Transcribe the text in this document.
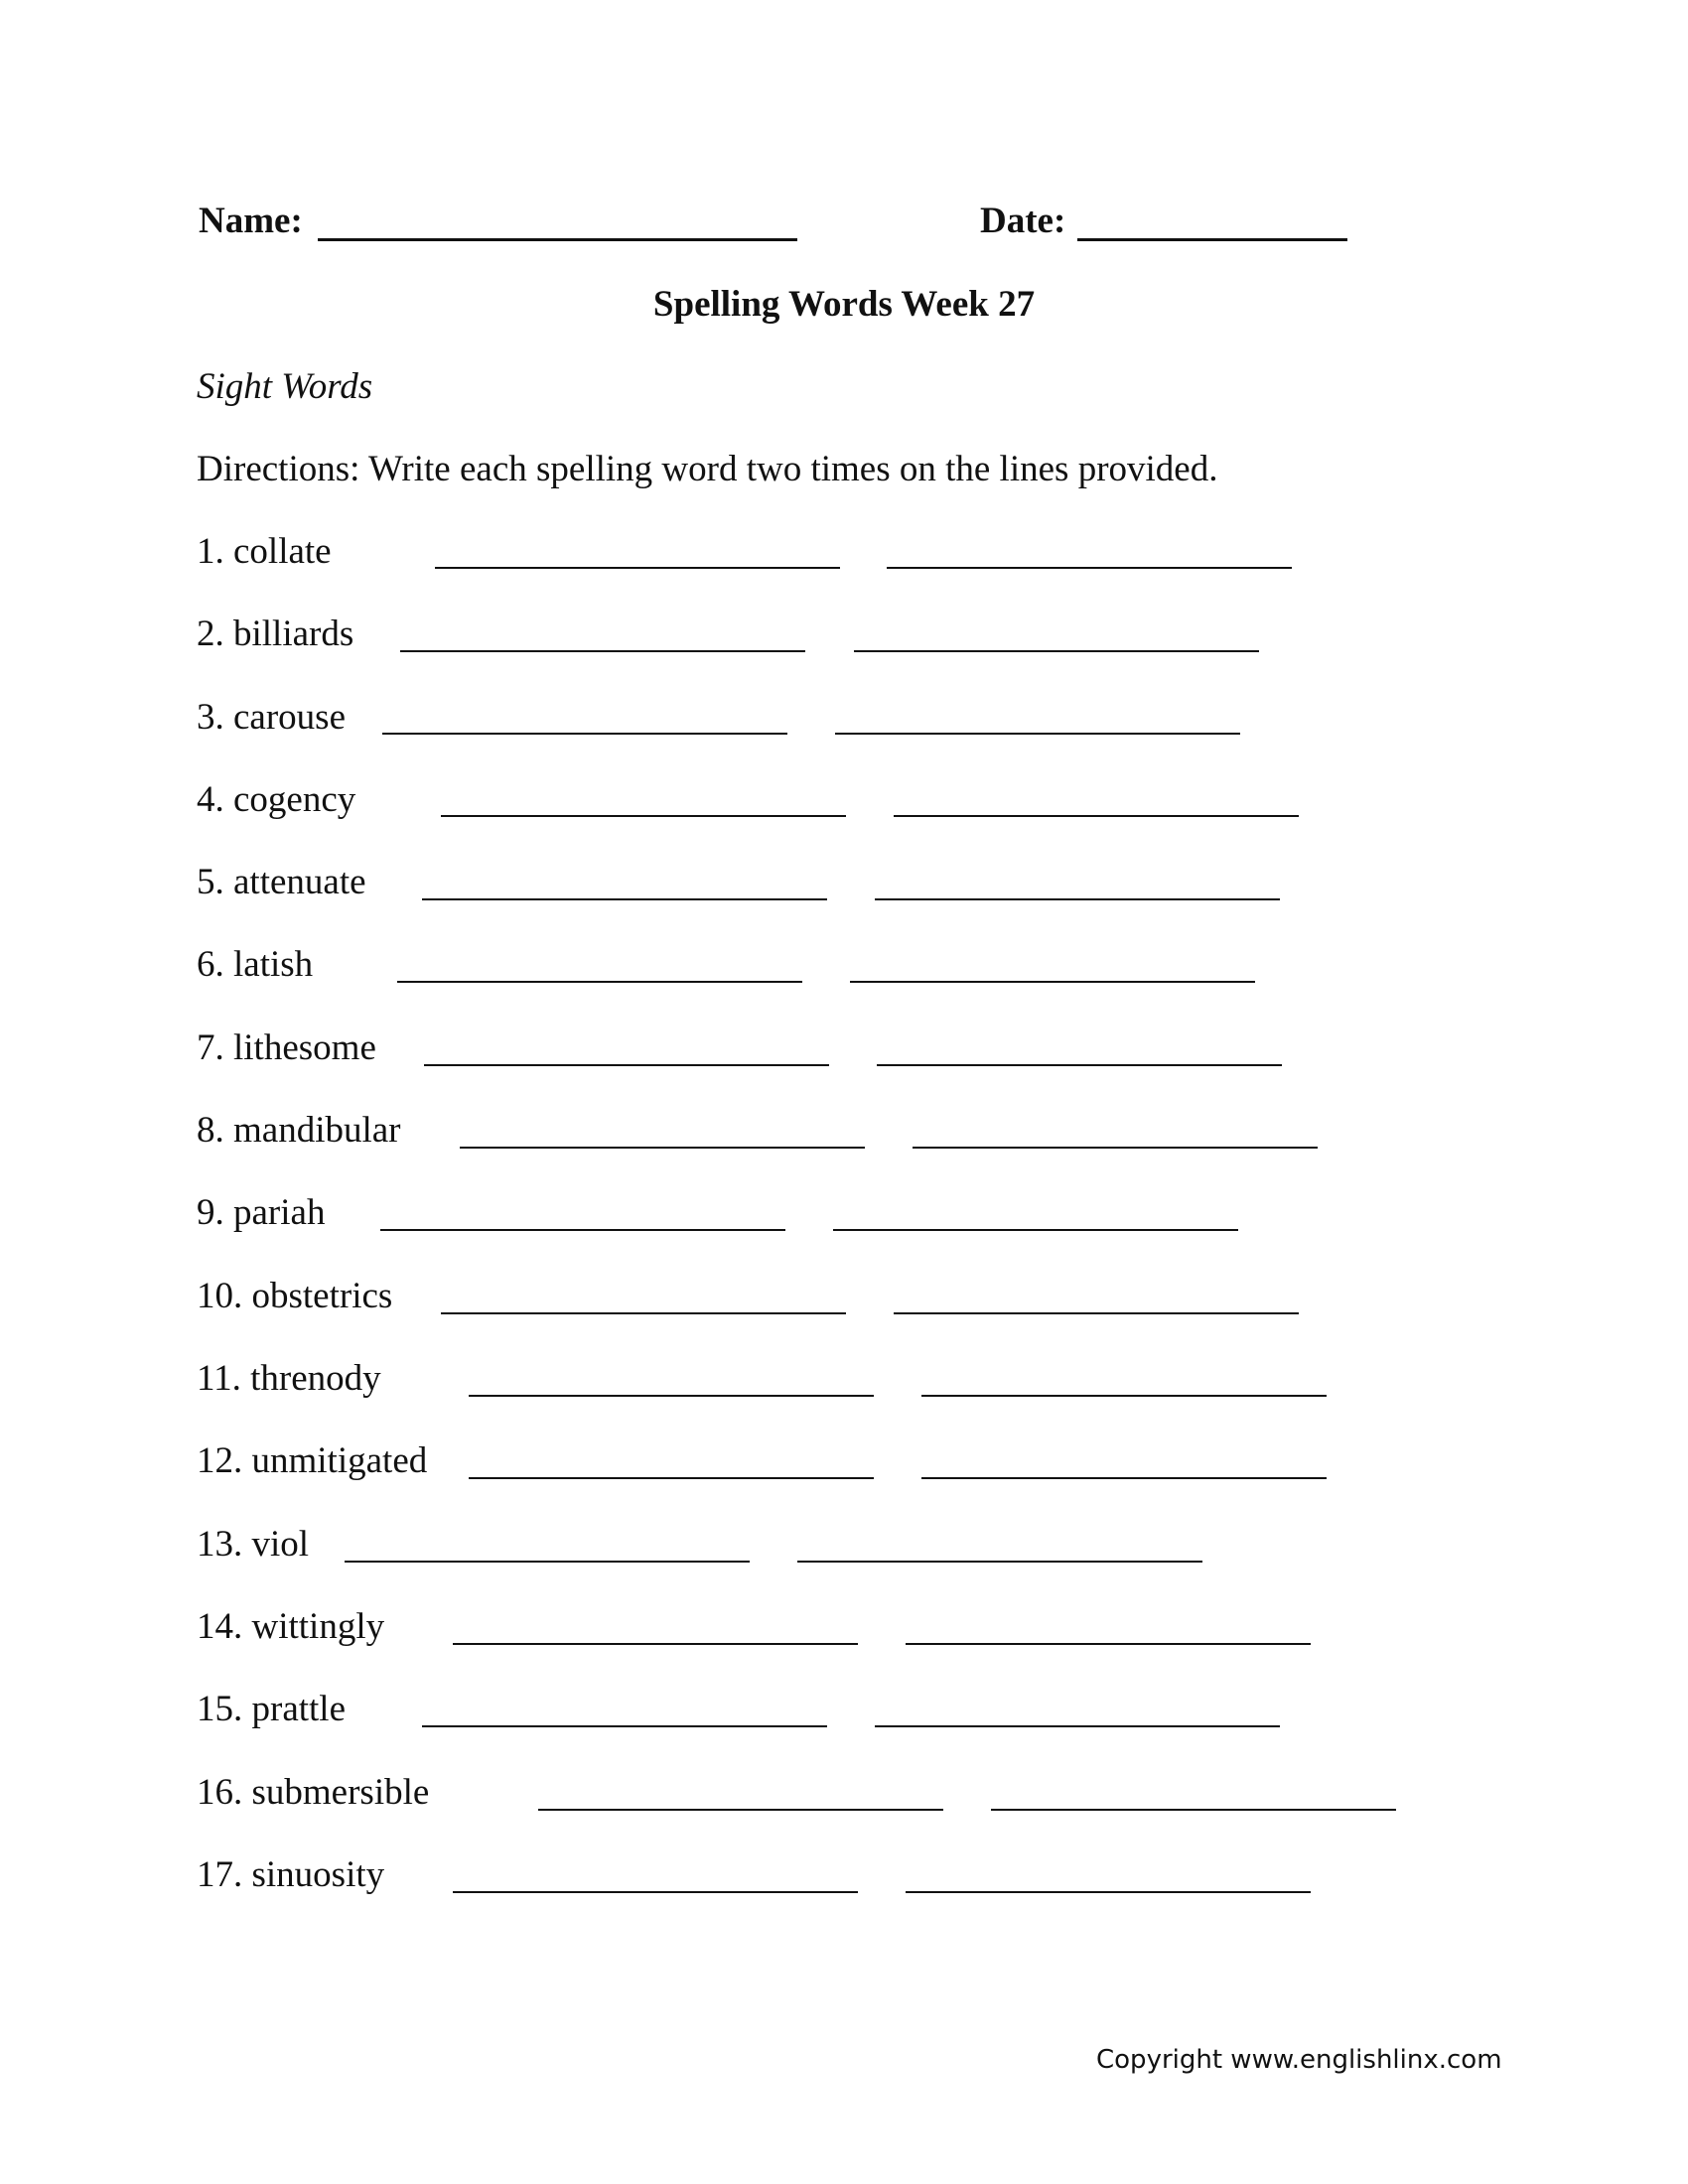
Name:	Date:
Spelling Words Week 27
Sight Words
Directions: Write each spelling word two times on the lines provided.
1. collate
2. billiards
3. carouse
4. cogency
5. attenuate
6. latish
7. lithesome
8. mandibular
9. pariah
10. obstetrics
11. threnody
12. unmitigated
13. viol
14. wittingly
15. prattle
16. submersible
17. sinuosity
Copyright www.englishlinx.com
